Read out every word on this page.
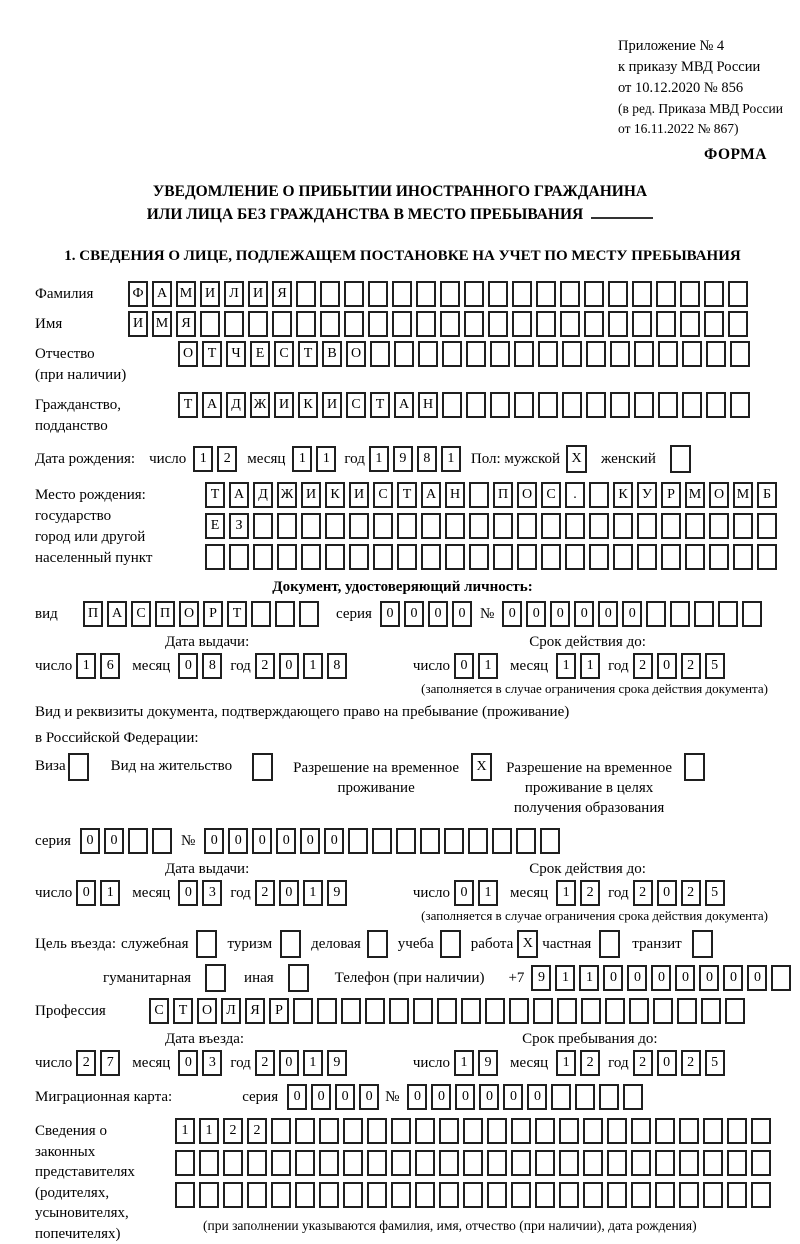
Приложение № 4
к приказу МВД России
от 10.12.2020 № 856
(в ред. Приказа МВД России
от 16.11.2022 № 867)
ФОРМА
УВЕДОМЛЕНИЕ О ПРИБЫТИИ ИНОСТРАННОГО ГРАЖДАНИНА
ИЛИ ЛИЦА БЕЗ ГРАЖДАНСТВА В МЕСТО ПРЕБЫВАНИЯ
1. СВЕДЕНИЯ О ЛИЦЕ, ПОДЛЕЖАЩЕМ ПОСТАНОВКЕ НА УЧЕТ ПО МЕСТУ ПРЕБЫВАНИЯ
Фамилия	Ф А М И	Л	И	Я
Имя	И М Я
Отчество
(при наличии)
О	Т	Ч	Е	С	Т	В	О
Гражданство,
подданство
Т	А	Д Ж И	К	И	С	Т	А Н
Дата рождения: число 1	2	месяц 1	1 год 1	9	8	1	Пол: мужской X	женский
Место рождения:
государство
город или другой
населенный пункт
Т	А	Д Ж И	К	И	С	Т	А Н	П О	С	.	К	У	Р М О М Б
Е	З
Документ, удостоверяющий личность:
вид	П А	С	П О	Р	Т	серия	0	0	0	0 №	0	0	0	0	0	0
Дата выдачи:	Срок действия до:
число 1	6	месяц	0	8 год 2	0	1	8	число 0	1	месяц	1	1 год 2	0	2	5
(заполняется в случае ограничения срока действия документа)
Вид и реквизиты документа, подтверждающего право на пребывание (проживание)
в Российской Федерации:
Виза	Вид на жительство	Разрешение на временное
проживание
X	Разрешение на временное
проживание в целях
получения образования
серия	0	0	№	0	0	0	0	0	0
Дата выдачи:	Срок действия до:
число 0	1	месяц	0	3 год 2	0	1	9	число 0	1	месяц	1	2 год 2	0	2	5
(заполняется в случае ограничения срока действия документа)
Цель въезда: служебная	туризм	деловая учеба работа X частная	транзит
гуманитарная	иная	Телефон (при наличии) +7 9	1	1	0	0	0	0	0	0	0
Профессия	С	Т	О	Л	Я	Р
Дата въезда:	Срок пребывания до:
число 2	7	месяц	0	3 год 2	0	1	9	число 1	9	месяц	1	2 год 2	0	2	5
Миграционная карта:	серия	0	0	0	0 №	0	0	0	0	0	0
Сведения о
законных
представителях
(родителях,
усыновителях,
попечителях)
1	1	2	2
(при заполнении указываются фамилия, имя, отчество (при наличии), дата рождения)
